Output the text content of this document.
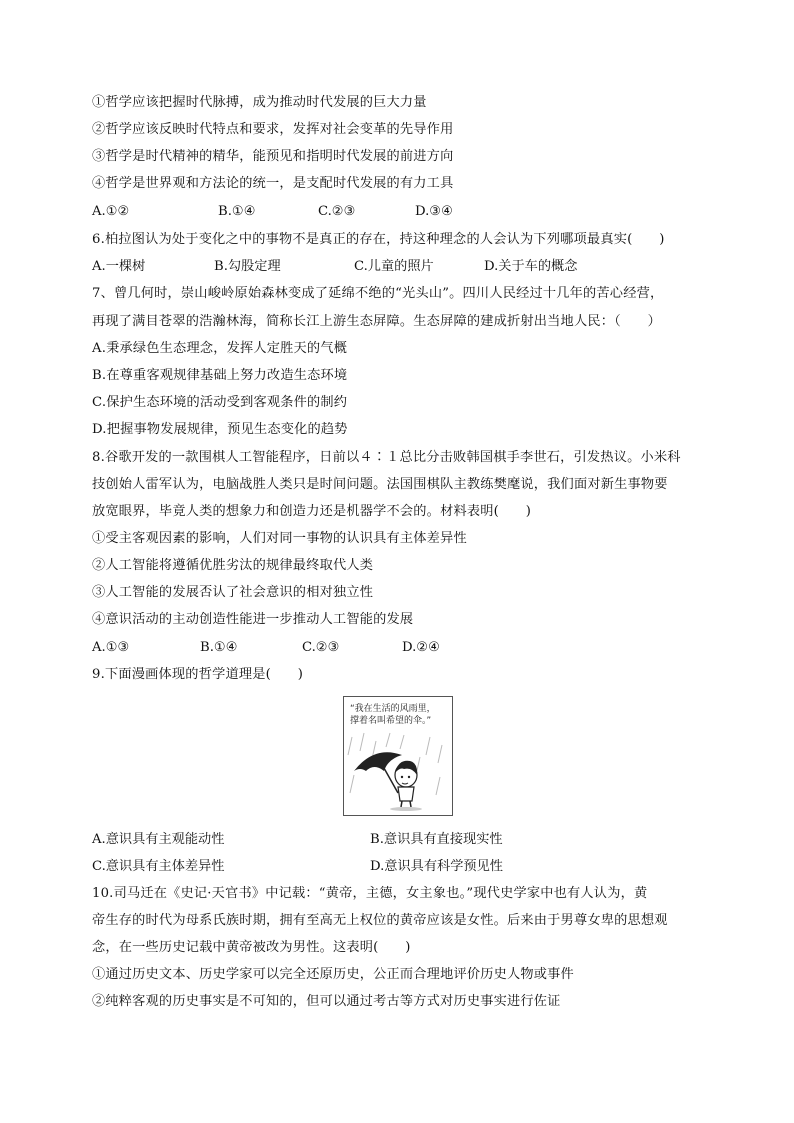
①哲学应该把握时代脉搏，成为推动时代发展的巨大力量
②哲学应该反映时代特点和要求，发挥对社会变革的先导作用
③哲学是时代精神的精华，能预见和指明时代发展的前进方向
④哲学是世界观和方法论的统一，是支配时代发展的有力工具
A.①②	B.①④	C.②③	D.③④
6.柏拉图认为处于变化之中的事物不是真正的存在，持这种理念的人会认为下列哪项最真实(　　)
A.一棵树	B.勾股定理	C.儿童的照片	D.关于车的概念
7、曾几何时，崇山峻岭原始森林变成了延绵不绝的“光头山”。四川人民经过十几年的苦心经营，
再现了满目苍翠的浩瀚林海，简称长江上游生态屏障。生态屏障的建成折射出当地人民：（　　）
A.秉承绿色生态理念，发挥人定胜天的气概
B.在尊重客观规律基础上努力改造生态环境
C.保护生态环境的活动受到客观条件的制约
D.把握事物发展规律，预见生态变化的趋势
8.谷歌开发的一款围棋人工智能程序，日前以４∶１总比分击败韩国棋手李世石，引发热议。小米科
技创始人雷军认为，电脑战胜人类只是时间问题。法国围棋队主教练樊麾说，我们面对新生事物要
放宽眼界，毕竟人类的想象力和创造力还是机器学不会的。材料表明(　　)
①受主客观因素的影响，人们对同一事物的认识具有主体差异性
②人工智能将遵循优胜劣汰的规律最终取代人类
③人工智能的发展否认了社会意识的相对独立性
④意识活动的主动创造性能进一步推动人工智能的发展
A.①③	B.①④	C.②③	D.②④
9.下面漫画体现的哲学道理是(　　)
“我在生活的风雨里，
撑着名叫希望的伞。”
A.意识具有主观能动性	B.意识具有直接现实性
C.意识具有主体差异性	D.意识具有科学预见性
10.司马迁在《史记·天官书》中记载：“黄帝，主德，女主象也。”现代史学家中也有人认为，黄
帝生存的时代为母系氏族时期，拥有至高无上权位的黄帝应该是女性。后来由于男尊女卑的思想观
念，在一些历史记载中黄帝被改为男性。这表明(　　)
①通过历史文本、历史学家可以完全还原历史，公正而合理地评价历史人物或事件
②纯粹客观的历史事实是不可知的，但可以通过考古等方式对历史事实进行佐证
